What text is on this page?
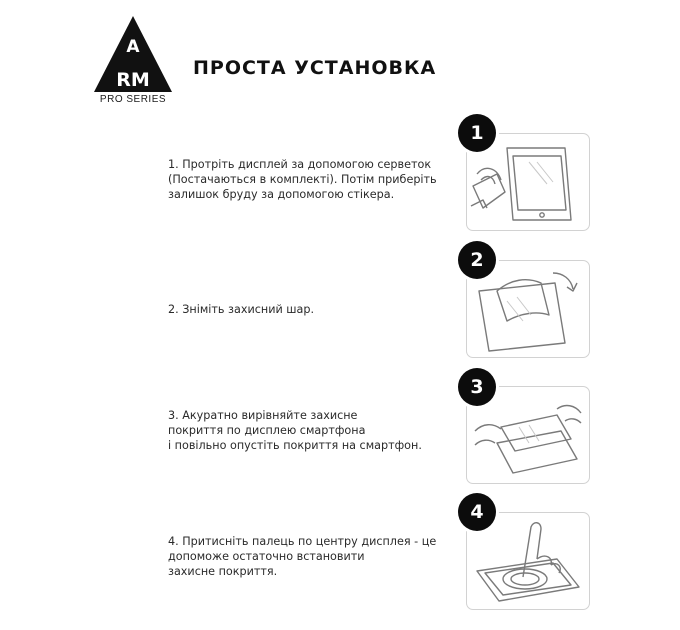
A
RM
PRO SERIES
ПРОСТА УСТАНОВКА
1. Протріть дисплей за допомогою серветок
(Постачаються в комплекті). Потім приберіть
залишок бруду за допомогою стікера.
1
2. Зніміть захисний шар.
2
3. Акуратно вирівняйте захисне
покриття по дисплею смартфона
і повільно опустіть покриття на смартфон.
3
4. Притисніть палець по центру дисплея - це
допоможе остаточно встановити
захисне покриття.
4
